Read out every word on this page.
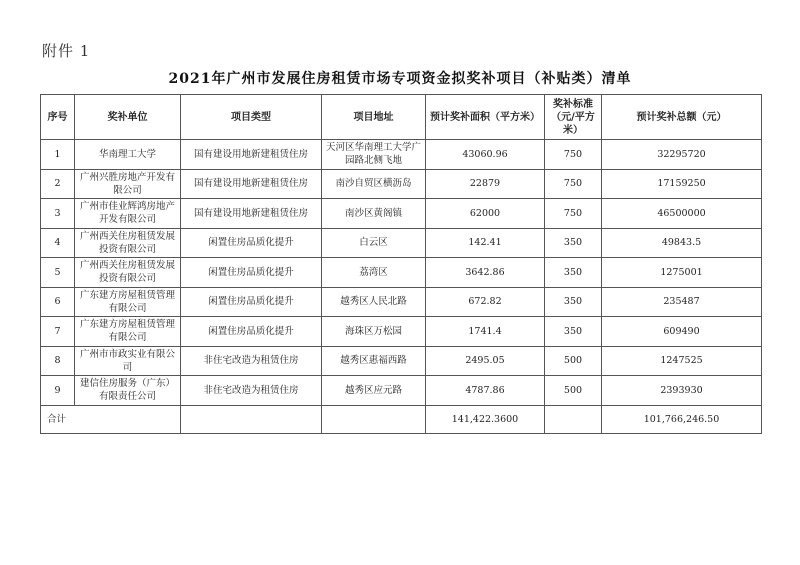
附件 1
2021年广州市发展住房租赁市场专项资金拟奖补项目（补贴类）清单
序号	奖补单位	项目类型	项目地址	预计奖补面积（平方米）	奖补标准（元/平方米）	预计奖补总额（元）
1	华南理工大学	国有建设用地新建租赁住房	天河区华南理工大学广园路北侧飞地	43060.96	750	32295720
2	广州兴胜房地产开发有限公司	国有建设用地新建租赁住房	南沙自贸区横沥岛	22879	750	17159250
3	广州市佳业辉鸿房地产开发有限公司	国有建设用地新建租赁住房	南沙区黄阁镇	62000	750	46500000
4	广州西关住房租赁发展投资有限公司	闲置住房品质化提升	白云区	142.41	350	49843.5
5	广州西关住房租赁发展投资有限公司	闲置住房品质化提升	荔湾区	3642.86	350	1275001
6	广东建方房屋租赁管理有限公司	闲置住房品质化提升	越秀区人民北路	672.82	350	235487
7	广东建方房屋租赁管理有限公司	闲置住房品质化提升	海珠区万松园	1741.4	350	609490
8	广州市市政实业有限公司	非住宅改造为租赁住房	越秀区惠福西路	2495.05	500	1247525
9	建信住房服务（广东）有限责任公司	非住宅改造为租赁住房	越秀区应元路	4787.86	500	2393930
合计				141,422.3600		101,766,246.50
